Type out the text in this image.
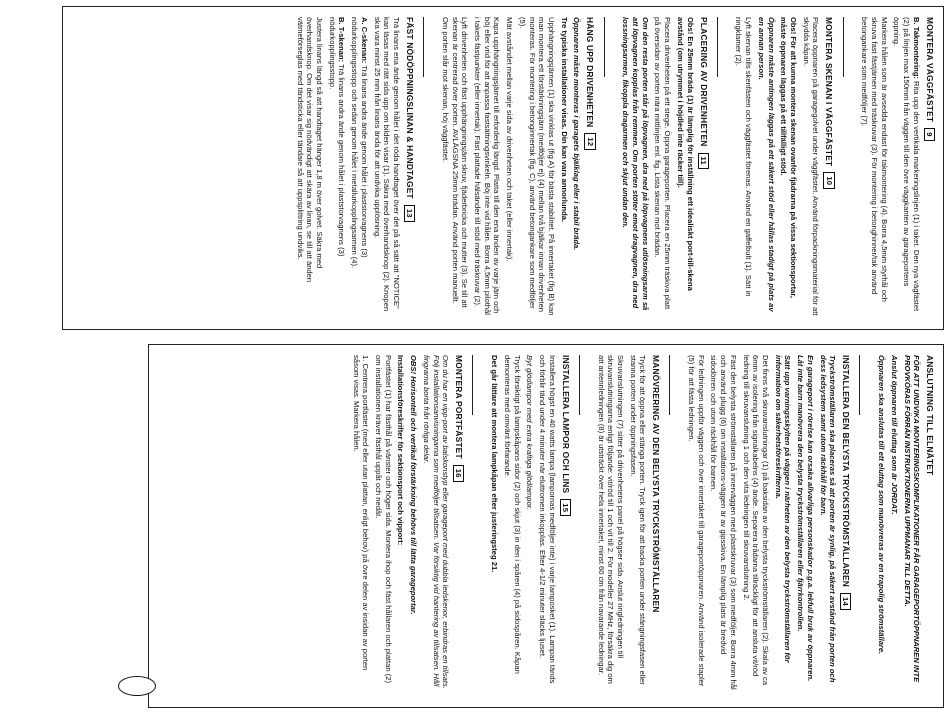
MONTERA VÄGGFÄSTET
9

B. Takmontering: Rita upp den vertikala markeringslinjen (1) i taket. Den nya vägfästet (2) på linjen max 150mm från väggen till den övre väggkanten av garageportens öppning.

Markera hålen som är avsedda endast för takmontering (4). Borra 4,5mm styrhål och skruva fast fästjärnen med träskruvar (3). För montering i betonghinner/tak använd betongankare som medföljer (7).

MONTERA SKENAN I VÄGGFÄSTET
10

Placera öppnaren på garagegolvet under väggfästet. Använd förpackningsmaterial för att skydda kåpan.

Obs! För att kunna montera skenan ovanför fjädrarna på vissa sektionsportar, måste öppnaren läggas på ett tillfälligt stöd.

Öppnaren måste antingen läggas på ett säkert stöd eller hållas stadigt på plats av en annan person.

Lyft skenan tills skenfästen och väggfästet förenas. Använd en gaffelbult (1). Sätt in ringklamer (2).

PLACERING AV DRIVENHETEN
11

Obs! En 25mm bräda (1) är lämplig för inställning ett idealiskt port-till-skena avstånd (om utrymmet i höjdled inte räcker till).

Placera drivenheten på ett stege. Öppna garageporten. Placera en 25mm träskiva platt på översidan av porten nära mittlinjen enl. fig. Lista skenan mot brädan.

Om den resta porten står på löpvagnen, dra ned på löpvagnens utlösningsarm så att löpvagnen kopplas från remmen. Om porten stöter emot dragvagnen, dra ned lossningsarmen, fikoppla dragarmen och skjut undan den.

HÄNG UPP DRIVENHETEN
12

Öppnaren måste monteras i garagets bjälklag eller i stabil bräda.

Tre typiska installationer visas. Din kan vara annorlunda.

Upphängningsjärnen (1) ska vinklas ut (fig A) för bästa stabilitet. På innertaket (fig B) kan man montera ett förstärkningsjärn (medföljer ej) (4) mellan två bjälkar innan drivenheten monteras. För montering i betonginnertak (fig. C), använd betongankare som medföljer (5).

Mät avståndet mellan varje sida av drivenheten och taket (eller innertak).

Kapa upphängningsjärnet till erforderlig längd. Platta till den ena änden av varje järn och böj eller vrid för att anpassa fastsättningsvinkeln. Böj inte vid hålen. Borra 4,5mm pilothål i takets fästpunkter (eller innertak). Fäst plattade hälsänder till stöd med träskruvar (2).

Lyft drivenheten och fäst upphängningsjärn skruv, fjäderbricka och mutter (3). Se till att skenan är centrerad över porten. AVLÄGSNA 25mm brädan. Använd porten manuellt. Om porten slår mot skenan, höj väggfästet.

FÄST NÖDÖPPNINGSLINAN & HANDTAGET
13

Trä linans ena ände genom hålet i det röda handtaget över det på så sätt att "NOTICE" kan läsas med rätt sida upp om bilden visar (1). Säkra med överhandsknop (2). Knopen ska vara minst 25 mm från linans ända för att undvika upplösning.

A. C-skenan: Trä linans andra ände genom hålet i plaststorvagnens (3) nödurkopplingsstopp och sedan genom hålet i metallurkopplingsarmen (4).

B. T-skenan: Trä linans andra ände genom hålet i plaststorvagnens (3) nödurkopplingsstopp.

Justera linans längd så att handtaget hänger 1,8 m över golvet. Säkra med överhandsknop. Om det visar sig nödvändigt att skära av linan, se till att änden vätmeförseglas med tändsticka eller tändare så att uppsplittring undviks.

ANSLUTNING TILL ELNÄTET

FÖR ATT UNDVIKA MONTERINGSKOMPLIKATIONER FÅR GARAGEPORTÖPPNAREN INTE PROVKÖRAS FÖRRÄN INSTRUKTIONERNA UPPMANAR TILL DETTA.

Anslut öppnaren till eluttag som är JORDAT.

Öppnaren ska anslutas till ett eluttag som manövreras av en trapolig strömställare.

INSTALLERA DEN BELYSTA TRYCKSTRÖMSTÄLLAREN
14

Tryckströmställaren ska placeras så att porten är synlig, på säkert avstånd från porten och dess ledsystem samt utom räckhåll för barn.

En garageport i rörelse kan orsaka allvarliga personskador p.g.a. lekfull bruk av öppnaren. Låt inte barn manövrera den belysta tryckströmställaren eller fjärrkontrollen.

Sätt upp varningsskylten på väggen i närheten av den belysta tryckströmställaren för information om säkerhetsföreskrifterna.

Det finns två skruvanslutningar (1) på baksidan av den belysta tryckströmställaren (2). Skala av ca 6mm av isolering från signalkabelns (4) ände. Separera trådarna tillräckligt för att ansluta vit/röd ledning till skruvanslutning 1 och den vita ledningen till skruvanslutning 2.

Fäst den belysta strömställaren på innerväggen med plastskruvar (3) som medföljer. Borra 4mm hål och använd plugg (6) om installations-väggen är av gipsskiva. En lämplig plats är bredvid sidodörren och utom räckhåll för barnen.

För ledningen uppför väggen och över innertaket till garageportöppnaren. Använd isolerade stapler (5) för att fästa ledningen.

MANÖVRERING AV DEN BELYSTA TRYCKSTRÖMSTÄLLAREN

Tryck för att öppna eller stänga porten. Tryck igen för att backa porten under stängningsfasen eller stanna porten under öppningsfasen.

Skruvanslutningen (7) sitter på drivenhetens panel på högser sida. Anslut ringledningen till skruvanslutningarna enligt följande: vit/röd till 1 och vit till 2. För modeller 27 MHz, försäkra dig om att antennledningen (8) är utsträckt över hela innertaket, minst 60 cm från navarande ledningar.

INSTALLERA LAMPOR OCH LINS
15

Installera högst en 40 watts lampa (lampornas medföljer inte) i varje lamposket (1). Lampan tänds och förblir tänd under 4 minuter när eluttromen inkopplas. Efter 4-1/2 minuter släcks ljuset.

Byt glödlampor med extra kraftiga glödlampor.

Tryck försiktigt på lampskåpans sidor (2) och skjut (3) in den i spåren (4) på sidospåren. Kåpan demonteras med omvänt förfarande.

Det går lättare att montera lampkåpan efter justeringsteg 21.

MONTERA PORTFÄSTET
16

Om du har en vipp-port av balskonstyp eller garageport med dubbla ledskenor, erbindras en tillsats. Följ installationsanvisningarna som medföljer tillsatsen. Var försiktig vid hantering av tillsatsen. Håll fingrarna borta från rörliga delar.

OBS! Horisontell och vertikal förstärkning behövs till lätta garageportar.

Installationsföreskrifter för sektionsport och vipport:

Portfästet (1) har fästhål på vänster och höger sida. Montera ihop och fäst hållaren och plattan (2) om installationen kräver fästhål uppåt och nedåt.

1. Centrera portfästet (med eller utan plattan, enligt behov) på övre delen av insidan av porten såsom visas. Markera hålen.
